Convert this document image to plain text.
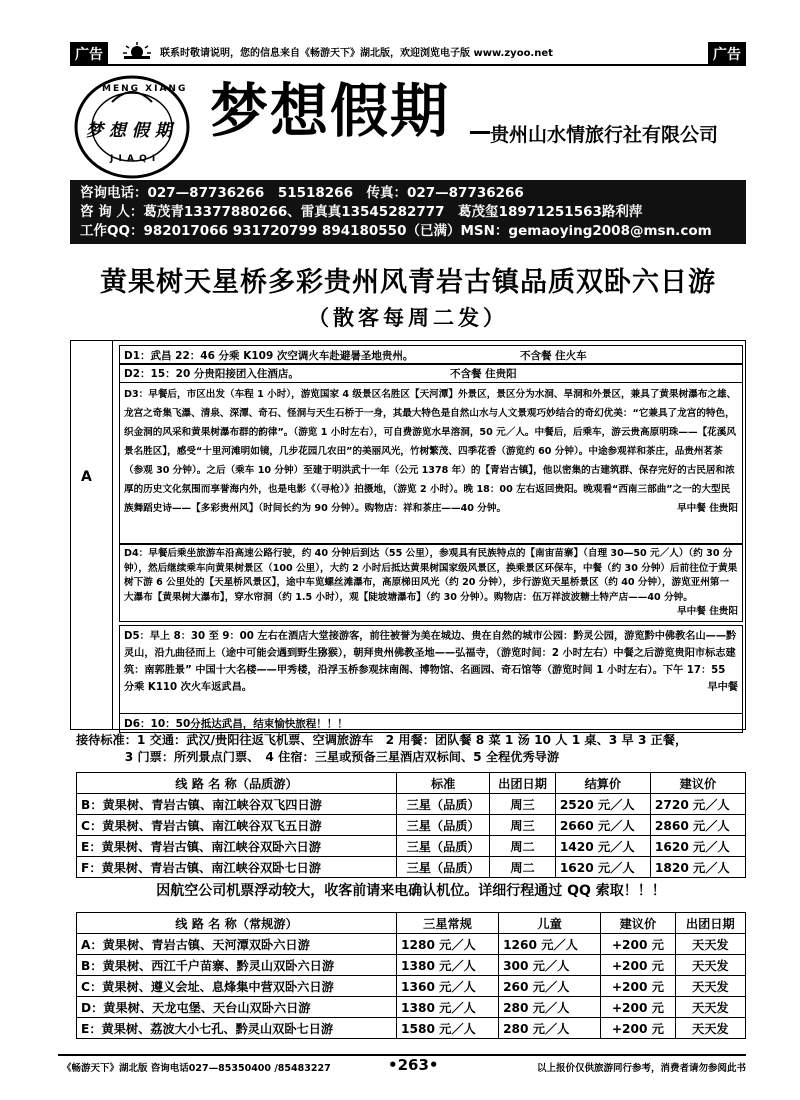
广告	联系时敬请说明，您的信息来自《畅游天下》湖北版，欢迎浏览电子版 www.zyoo.net	广告
MENG XIANG
梦 想 假 期
J I A Q I
梦想假期 贵州山水情旅行社有限公司
咨询电话：027—87736266　51518266　传真：027—87736266
咨 询 人：葛茂青13377880266、雷真真13545282777　葛茂玺18971251563路利萍
工作QQ：982017066 931720799 894180550（已满）MSN：gemaoying2008@msn.com
黄果树天星桥多彩贵州风青岩古镇品质双卧六日游
（散客每周二发）
A
D1：武昌 22：46 分乘 K109 次空调火车赴避暑圣地贵州。	不含餐 住火车
D2：15：20 分贵阳接团入住酒店。	不含餐 住贵阳
D3：早餐后，市区出发（车程 1 小时），游览国家 4 级景区名胜区【天河潭】外景区，景区分为水洞、旱洞和外景区，兼具了黄果树瀑布之雄、龙宫之奇集飞瀑、清泉、深潭、奇石、怪洞与天生石桥于一身，其最大特色是自然山水与人文景观巧妙结合的奇幻优美：“它兼具了龙宫的特色，织金洞的风采和黄果树瀑布群的韵律”。（游览 1 小时左右），可自费游览水旱溶洞，50 元／人。中餐后，后乘车，游云贵高原明珠——【花溪风景名胜区】，感受“十里河滩明如镜，几步花园几农田”的美丽风光，竹树繁茂、四季花香（游览约 60 分钟）。中途参观祥和茶庄，品贵州茗茶（参观 30 分钟）。之后（乘车 10 分钟）至建于明洪武十一年（公元 1378 年）的【青岩古镇】，他以密集的古建筑群、保存完好的古民居和浓厚的历史文化氛围而享誉海内外，也是电影《（寻枪）》拍摄地，（游览 2 小时）。晚 18：00 左右返回贵阳。晚观看“西南三部曲”之一的大型民族舞蹈史诗——【多彩贵州风】（时间长约为 90 分钟）。购物店：祥和茶庄——40 分钟。	早中餐 住贵阳
D4：早餐后乘坐旅游车沿高速公路行驶，约 40 分钟后到达（55 公里），参观具有民族特点的【南宙苗寨】（自理 30—50 元／人）（约 30 分钟），然后继续乘车向黄果树景区（100 公里），大约 2 小时后抵达黄果树国家级风景区，换乘景区环保车，中餐（约 30 分钟）后前往位于黄果树下游 6 公里处的【天星桥风景区】，途中车览螺丝滩瀑布，高原梯田风光（约 20 分钟），步行游览天星桥景区（约 40 分钟），游览亚州第一大瀑布【黄果树大瀑布】，穿水帘洞（约 1.5 小时），观【陡坡塘瀑布】（约 30 分钟）。购物店：伍万祥波波糖土特产店——40 分钟。
早中餐 住贵阳
D5：早上 8：30 至 9：00 左右在酒店大堂接游客，前往被誉为美在城边、贵在自然的城市公园：黔灵公园，游览黔中佛教名山——黔灵山，沿九曲径而上（途中可能会遇到野生猕猴），朝拜贵州佛教圣地——弘福寺，（游览时间：2 小时左右）中餐之后游览贵阳市标志建筑：南郭胜景” 中国十大名楼——甲秀楼，沿浮玉桥参观抹南阁、博物馆、名画园、奇石馆等（游览时间 1 小时左右）。下午 17：55 分乘 K110 次火车返武昌。	早中餐
D6：10：50分抵达武昌，结束愉快旅程！！！
接待标准：1 交通：武汉/贵阳往返飞机票、空调旅游车　2 用餐：团队餐 8 菜 1 汤 10 人 1 桌、3 早 3 正餐，
　　　　3 门票：所列景点门票、　4 住宿：三星或预备三星酒店双标间、5 全程优秀导游
线 路 名 称（品质游）	标准	出团日期	结算价	建议价
B：黄果树、青岩古镇、南江峡谷双飞四日游	三星（品质）	周三	2520 元／人	2720 元／人
C：黄果树、青岩古镇、南江峡谷双飞五日游	三星（品质）	周三	2660 元／人	2860 元／人
E：黄果树、青岩古镇、南江峡谷双卧六日游	三星（品质）	周二	1420 元／人	1620 元／人
F：黄果树、青岩古镇、南江峡谷双卧七日游	三星（品质）	周二	1620 元／人	1820 元／人
因航空公司机票浮动较大，收客前请来电确认机位。详细行程通过 QQ 索取！！！
线 路 名 称（常规游）	三星常规	儿童	建议价	出团日期
A：黄果树、青岩古镇、天河潭双卧六日游	1280 元／人	1260 元／人	+200 元	天天发
B：黄果树、西江千户苗寨、黔灵山双卧六日游	1380 元／人	300 元／人	+200 元	天天发
C：黄果树、遵义会址、息烽集中营双卧六日游	1360 元／人	260 元／人	+200 元	天天发
D：黄果树、天龙屯堡、天台山双卧六日游	1380 元／人	280 元／人	+200 元	天天发
E：黄果树、荔波大小七孔、黔灵山双卧七日游	1580 元／人	280 元／人	+200 元	天天发
《畅游天下》湖北版 咨询电话027—85350400 /85483227	•263•	以上报价仅供旅游同行参考，消费者请勿参阅此书
